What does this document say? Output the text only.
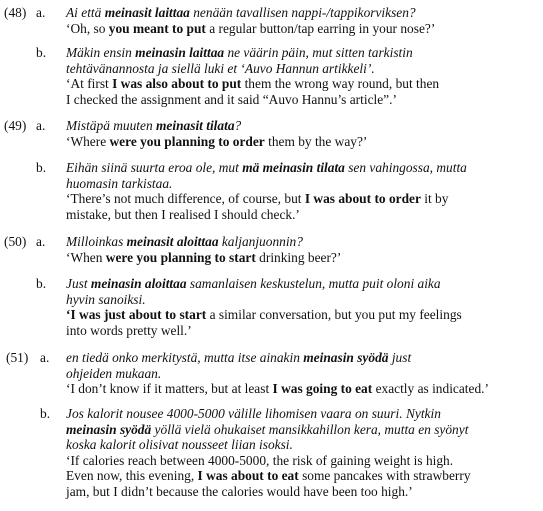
(48) a. Ai että meinasit laittaa nenään tavallisen nappi-/tappikorviksen?
‘Oh, so you meant to put a regular button/tap earring in your nose?’
b. Mäkin ensin meinasin laittaa ne väärin päin, mut sitten tarkistin
tehtävänannosta ja siellä luki et ‘Auvo Hannun artikkeli’.
‘At first I was also about to put them the wrong way round, but then
I checked the assignment and it said “Auvo Hannu’s article”.’
(49) a. Mistäpä muuten meinasit tilata?
‘Where were you planning to order them by the way?’
b. Eihän siinä suurta eroa ole, mut mä meinasin tilata sen vahingossa, mutta
huomasin tarkistaa.
‘There’s not much difference, of course, but I was about to order it by
mistake, but then I realised I should check.’
(50) a. Milloinkas meinasit aloittaa kaljanjuonnin?
‘When were you planning to start drinking beer?’
b. Just meinasin aloittaa samanlaisen keskustelun, mutta puit oloni aika
hyvin sanoiksi.
‘I was just about to start a similar conversation, but you put my feelings
into words pretty well.’
(51) a. en tiedä onko merkitystä, mutta itse ainakin meinasin syödä just
ohjeiden mukaan.
‘I don’t know if it matters, but at least I was going to eat exactly as indicated.’
b. Jos kalorit nousee 4000-5000 välille lihomisen vaara on suuri. Nytkin
meinasin syödä yöllä vielä ohukaiset mansikkahillon kera, mutta en syönyt
koska kalorit olisivat nousseet liian isoksi.
‘If calories reach between 4000-5000, the risk of gaining weight is high.
Even now, this evening, I was about to eat some pancakes with strawberry
jam, but I didn’t because the calories would have been too high.’
